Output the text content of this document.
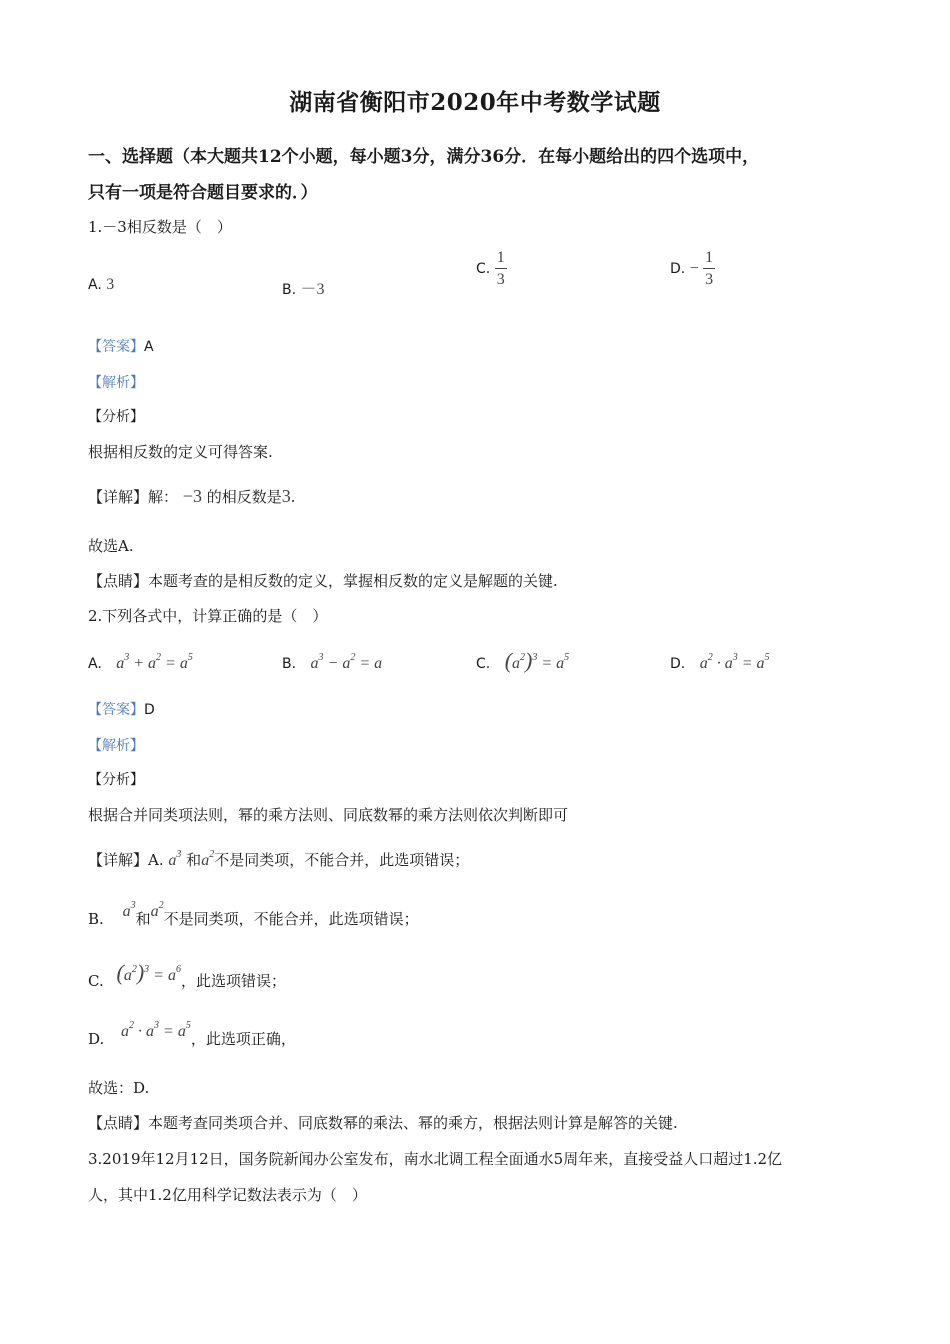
湖南省衡阳市2020年中考数学试题
一、选择题（本大题共12个小题，每小题3分，满分36分．在每小题给出的四个选项中，
只有一项是符合题目要求的．）
1.－3相反数是（　）
A. 3	B. －3
C. $\frac{1}{3}$	D. − $\frac{1}{3}$
【答案】A
【解析】
【分析】
根据相反数的定义可得答案.
【详解】解： −3 的相反数是3.
故选A.
【点睛】本题考查的是相反数的定义，掌握相反数的定义是解题的关键.
2.下列各式中，计算正确的是（　）
A. $a^3 + a^2 = a^5$	B. $a^3 - a^2 = a$	C. $(a^2)^3 = a^5$	D. $a^2 \cdot a^3 = a^5$
【答案】D
【解析】
【分析】
根据合并同类项法则，幂的乘方法则、同底数幂的乘方法则依次判断即可
【详解】A. $a^3$ 和$a^2$不是同类项，不能合并，此选项错误；
B. $a^3$和$a^2$不是同类项，不能合并，此选项错误；
C. $(a^2)^3 = a^6$，此选项错误；
D. $a^2 \cdot a^3 = a^5$，此选项正确，
故选：D.
【点睛】本题考查同类项合并、同底数幂的乘法、幂的乘方，根据法则计算是解答的关键.
3.2019年12月12日，国务院新闻办公室发布，南水北调工程全面通水5周年来，直接受益人口超过1.2亿
人，其中1.2亿用科学记数法表示为（　）
